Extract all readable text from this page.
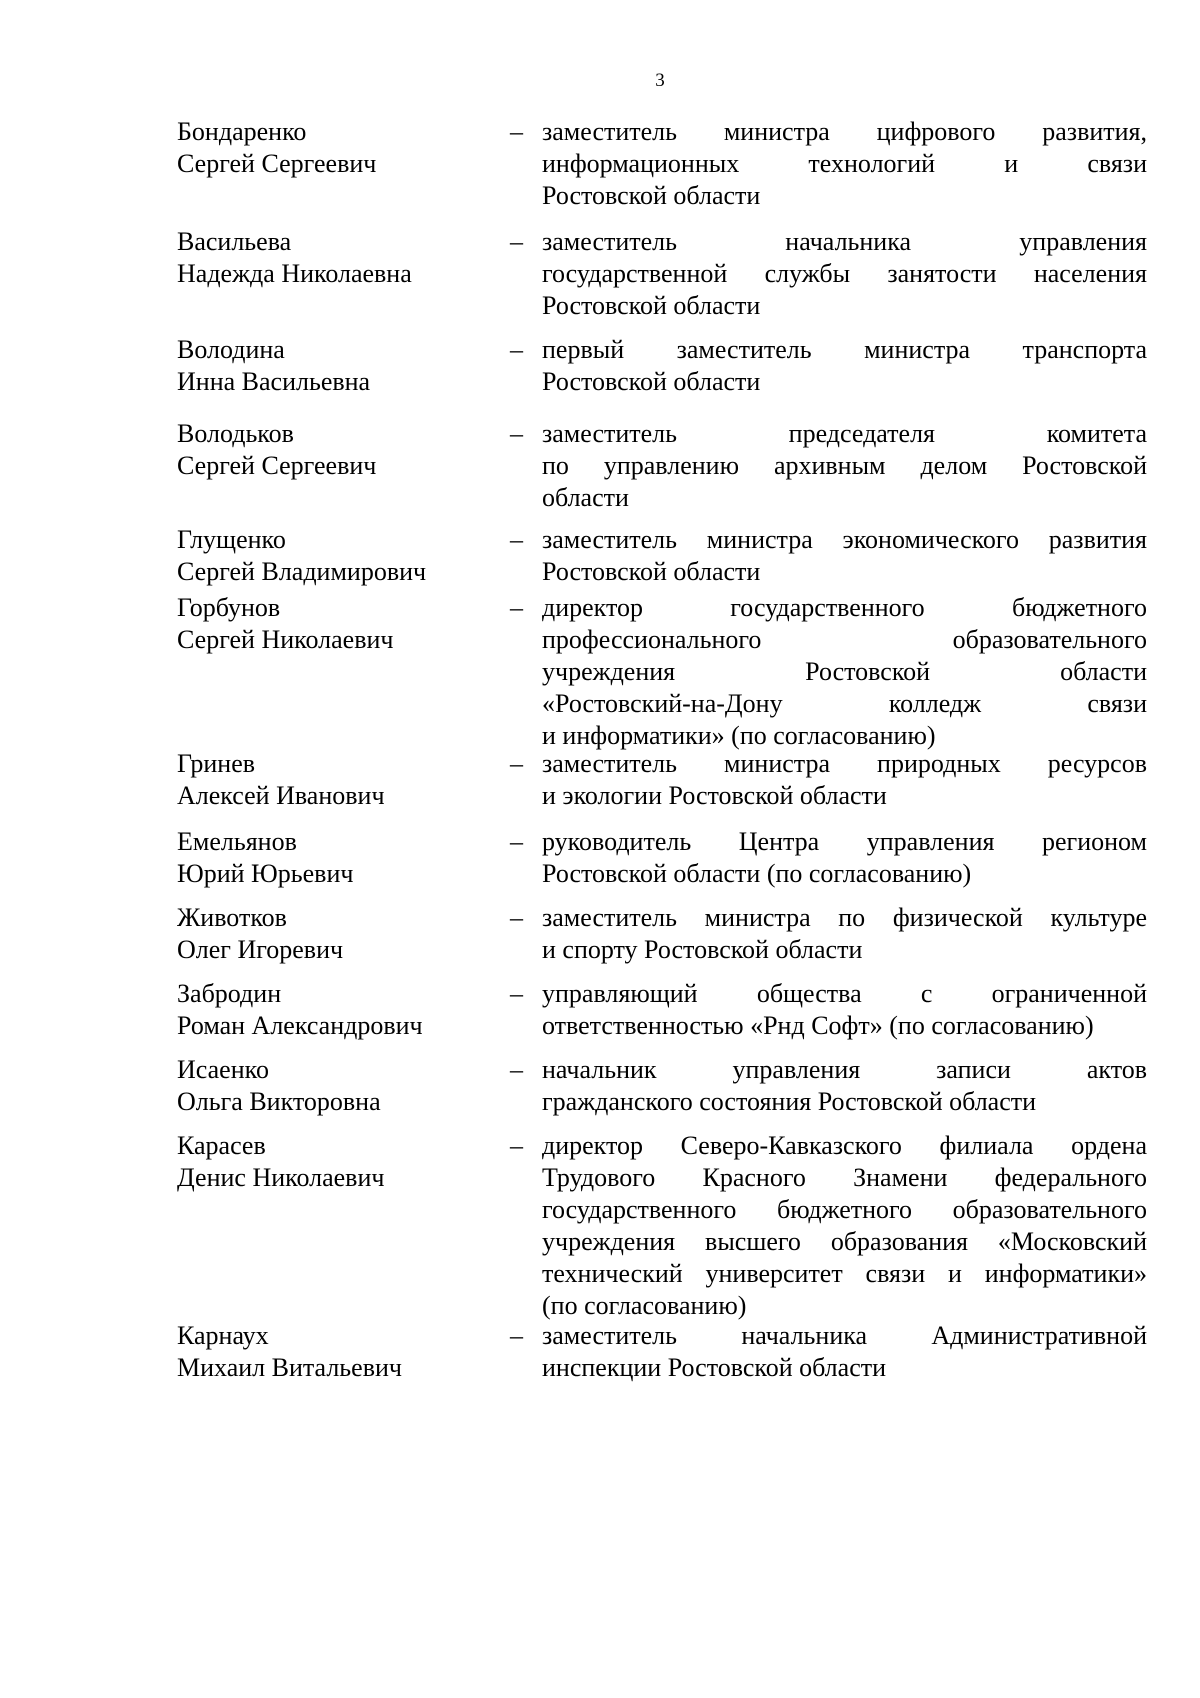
3
Бондаренко
Сергей Сергеевич
– заместитель министра цифрового развития,
информационных технологий и связи
Ростовской области
Васильева
Надежда Николаевна
– заместитель начальника управления
государственной службы занятости населения
Ростовской области
Володина
Инна Васильевна
– первый заместитель министра транспорта
Ростовской области
Володьков
Сергей Сергеевич
– заместитель председателя комитета
по управлению архивным делом Ростовской
области
Глущенко
Сергей Владимирович
– заместитель министра экономического развития
Ростовской области
Горбунов
Сергей Николаевич
– директор государственного бюджетного
профессионального образовательного
учреждения Ростовской области
«Ростовский-на-Дону колледж связи
и информатики» (по согласованию)
Гринев
Алексей Иванович
– заместитель министра природных ресурсов
и экологии Ростовской области
Емельянов
Юрий Юрьевич
– руководитель Центра управления регионом
Ростовской области (по согласованию)
Животков
Олег Игоревич
– заместитель министра по физической культуре
и спорту Ростовской области
Забродин
Роман Александрович
– управляющий общества с ограниченной
ответственностью «Рнд Софт» (по согласованию)
Исаенко
Ольга Викторовна
– начальник управления записи актов
гражданского состояния Ростовской области
Карасев
Денис Николаевич
– директор Северо-Кавказского филиала ордена
Трудового Красного Знамени федерального
государственного бюджетного образовательного
учреждения высшего образования «Московский
технический университет связи и информатики»
(по согласованию)
Карнаух
Михаил Витальевич
– заместитель начальника Административной
инспекции Ростовской области
